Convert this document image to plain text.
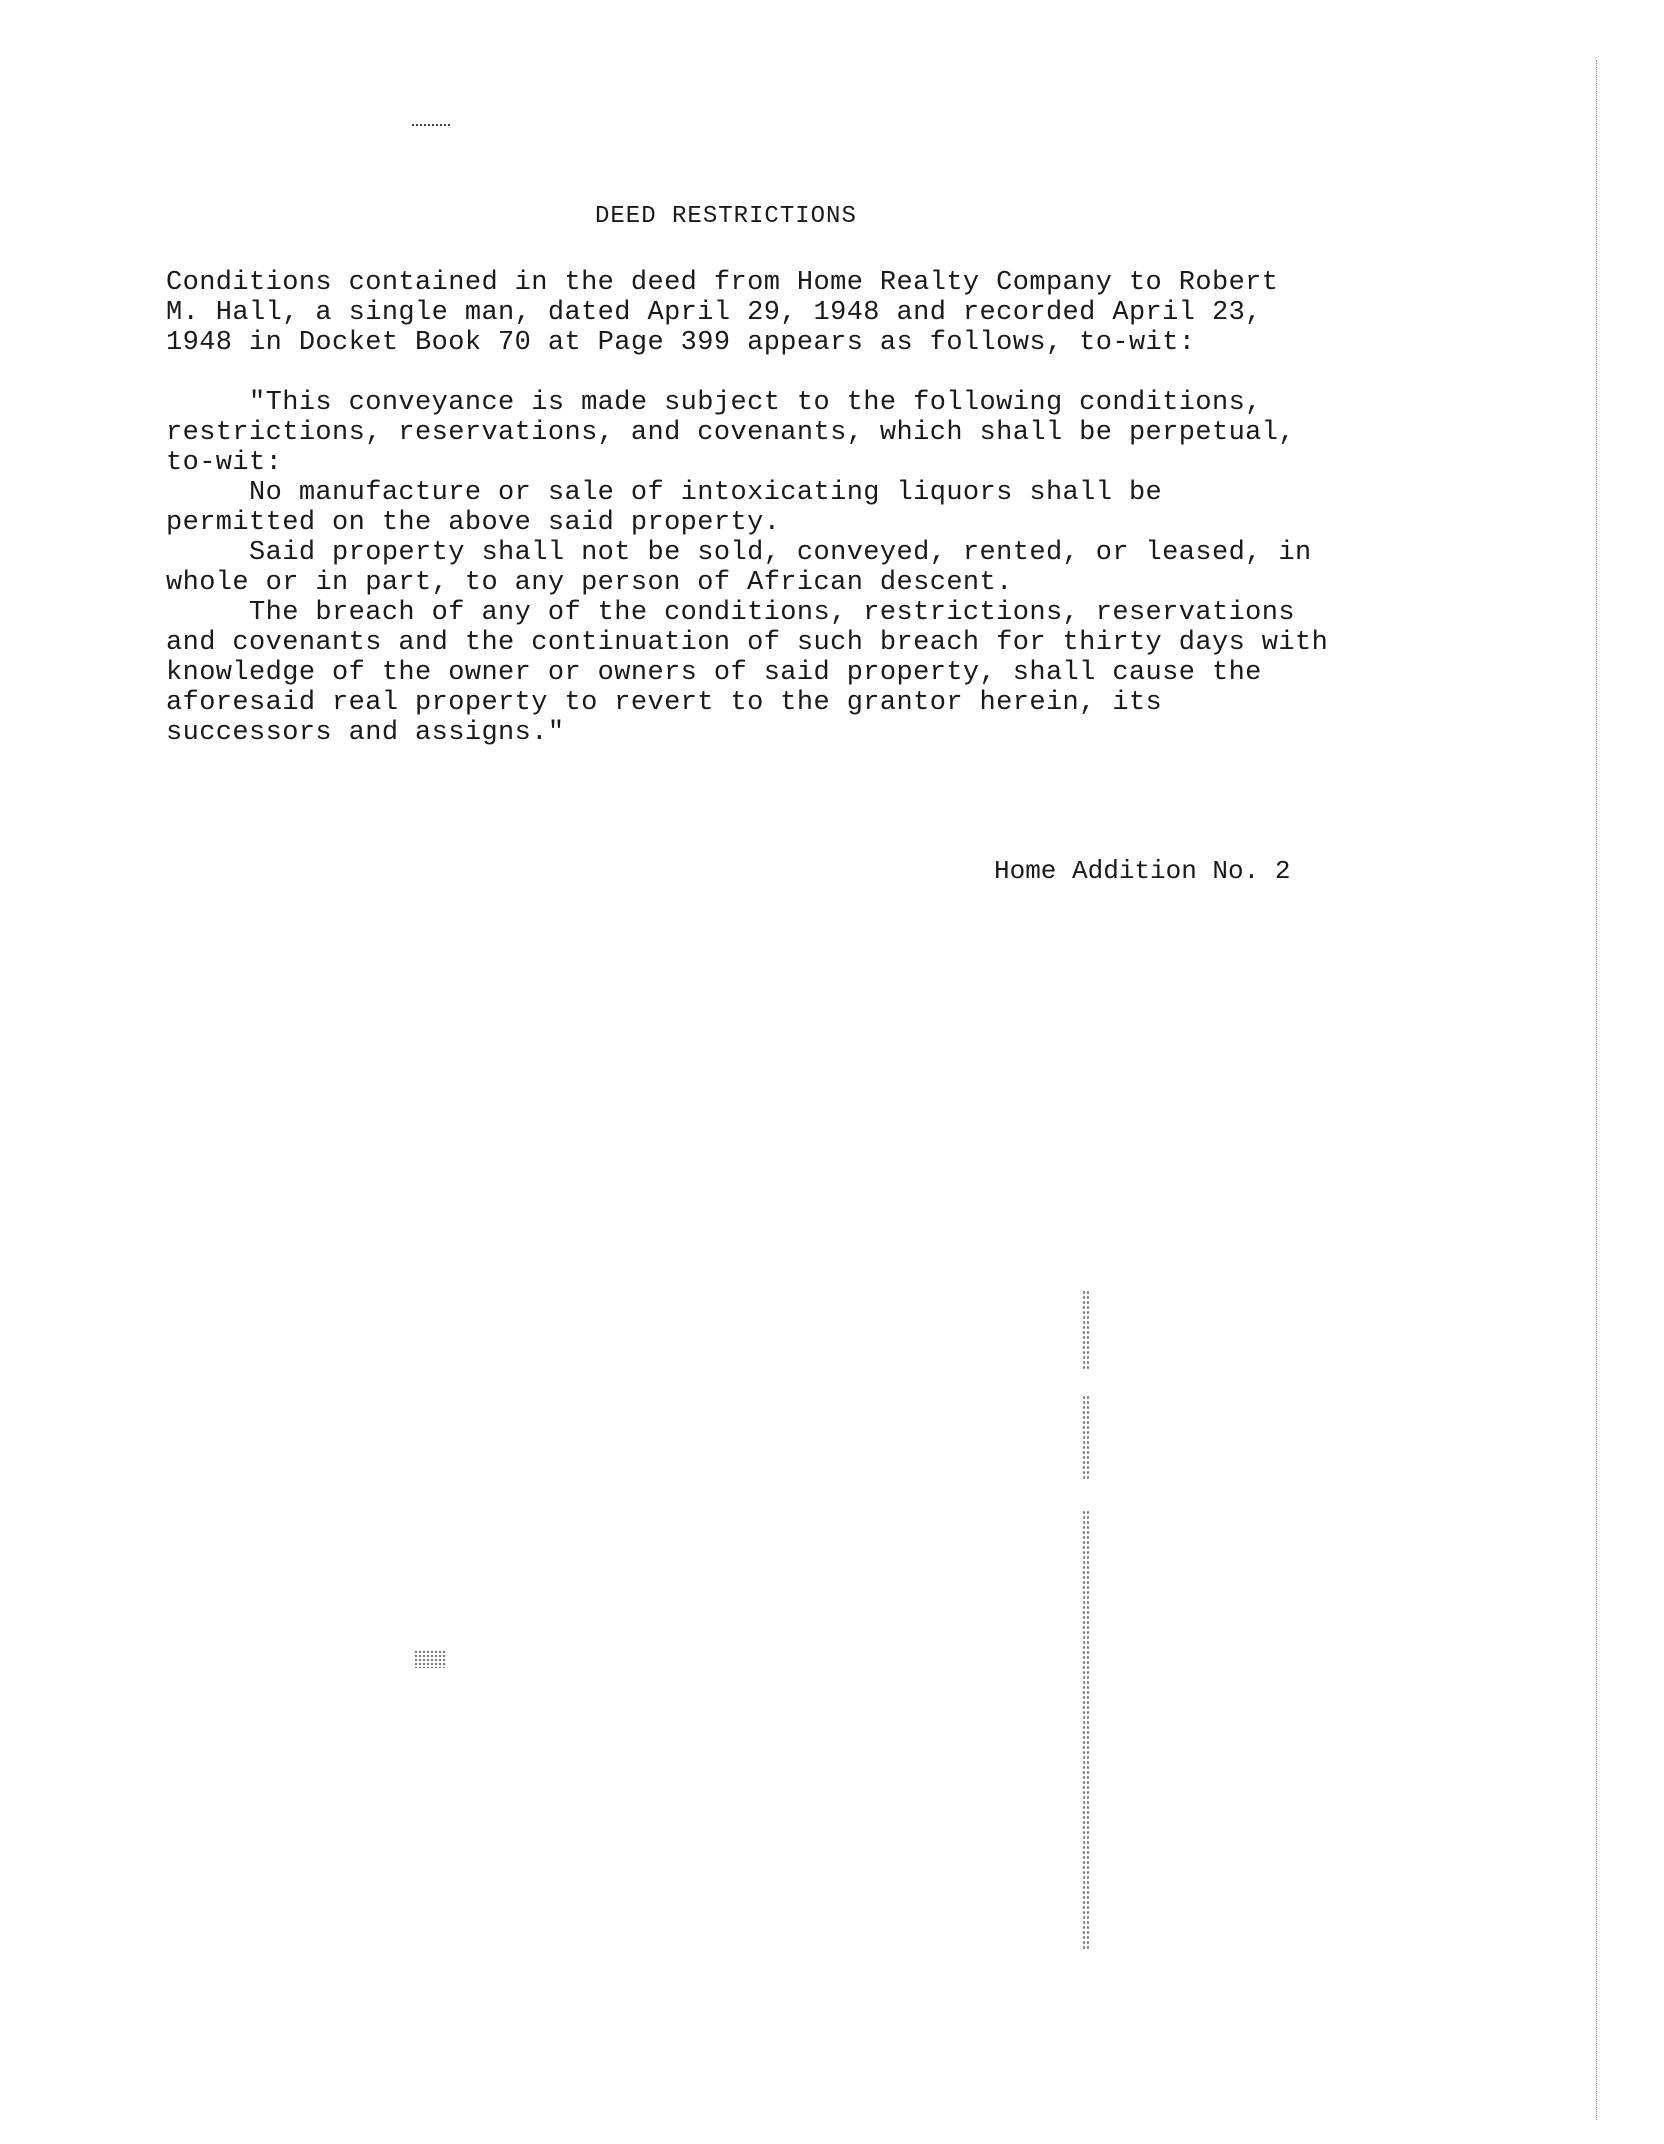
DEED RESTRICTIONS
Conditions contained in the deed from Home Realty Company to Robert
M. Hall, a single man, dated April 29, 1948 and recorded April 23,
1948 in Docket Book 70 at Page 399 appears as follows, to-wit:
"This conveyance is made subject to the following conditions,
restrictions, reservations, and covenants, which shall be perpetual,
to-wit:
No manufacture or sale of intoxicating liquors shall be
permitted on the above said property.
Said property shall not be sold, conveyed, rented, or leased, in
whole or in part, to any person of African descent.
The breach of any of the conditions, restrictions, reservations
and covenants and the continuation of such breach for thirty days with
knowledge of the owner or owners of said property, shall cause the
aforesaid real property to revert to the grantor herein, its
successors and assigns."
Home Addition No. 2
